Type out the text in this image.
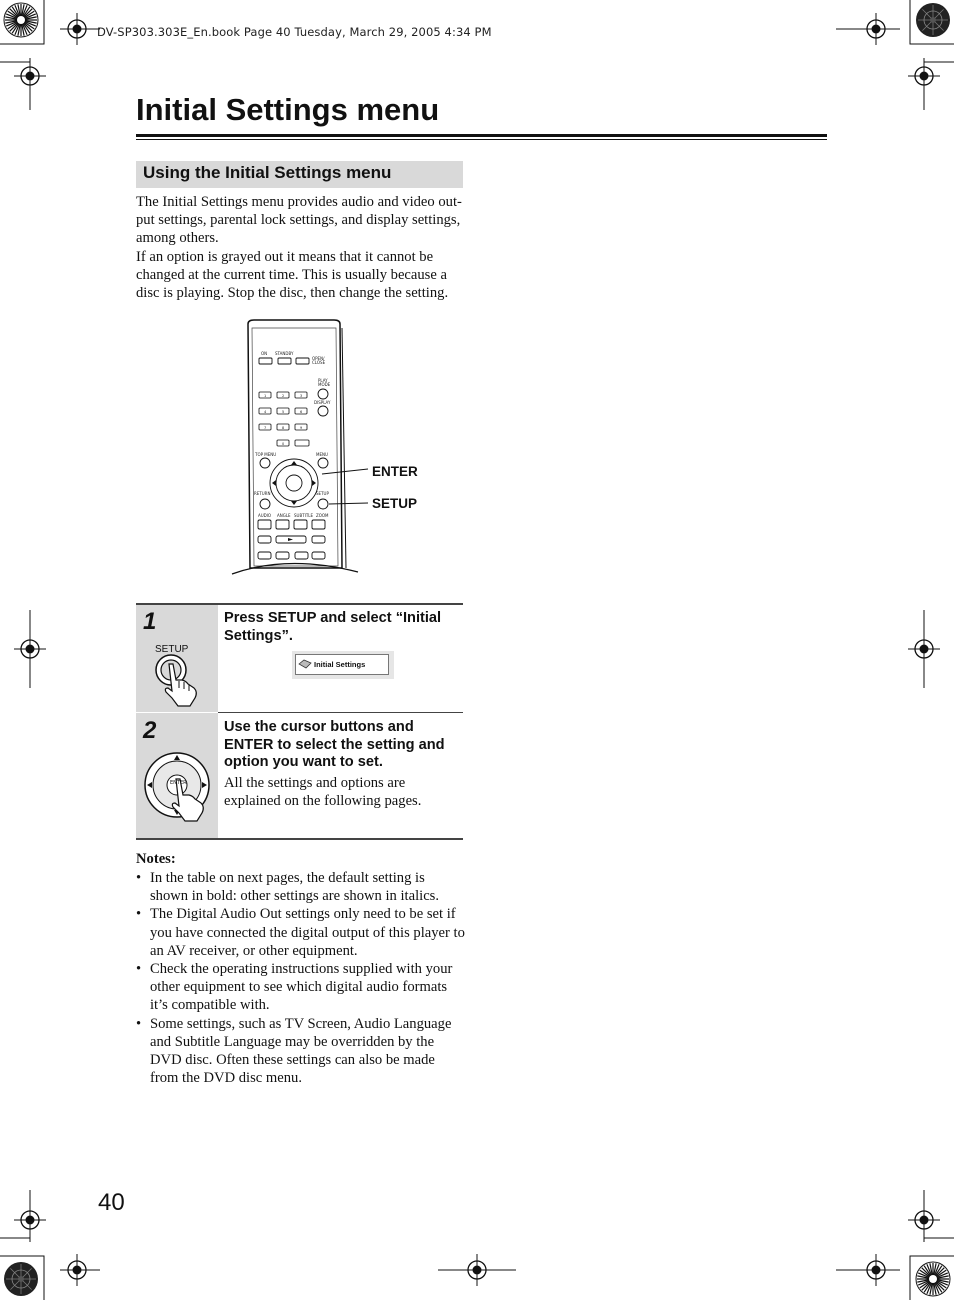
DV-SP303.303E_En.book Page 40 Tuesday, March 29, 2005 4:34 PM
Initial Settings menu
Using the Initial Settings menu
The Initial Settings menu provides audio and video out-put settings, parental lock settings, and display settings, among others.
If an option is grayed out it means that it cannot be changed at the current time. This is usually because a disc is playing. Stop the disc, then change the setting.
ON STANDBY
OPEN/
CLOSE
PLAY
MODE
DISPLAY
TOP MENU	MENU
RETURN	SETUP
AUDIO ANGLE SUBTITLE ZOOM
1	2	3
4	5	6
7	8	9
0
ENTER
SETUP
1
SETUP
Press SETUP and select “Initial Settings”.
Initial Settings
2
ENTER
Use the cursor buttons and ENTER to select the setting and option you want to set.
All the settings and options are explained on the following pages.
Notes:
• In the table on next pages, the default setting is shown in bold: other settings are shown in italics.
• The Digital Audio Out settings only need to be set if you have connected the digital output of this player to an AV receiver, or other equipment.
• Check the operating instructions supplied with your other equipment to see which digital audio formats it’s compatible with.
• Some settings, such as TV Screen, Audio Language and Subtitle Language may be overridden by the DVD disc. Often these settings can also be made from the DVD disc menu.
40
